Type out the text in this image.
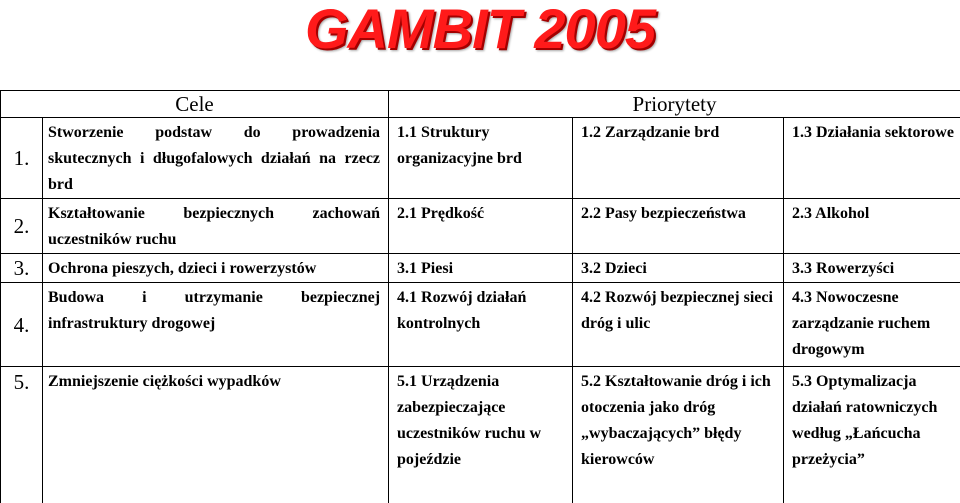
GAMBIT 2005
Cele		Priorytety		
1.	Stworzenie podstaw do prowadzenia skutecznych i długofalowych działań na rzecz brd	1.1 Struktury organizacyjne brd	1.2 Zarządzanie brd	1.3 Działania sektorowe
2.	Kształtowanie bezpiecznych zachowań uczestników ruchu	2.1 Prędkość	2.2 Pasy bezpieczeństwa	2.3 Alkohol
3.	Ochrona pieszych, dzieci i rowerzystów	3.1 Piesi	3.2 Dzieci	3.3 Rowerzyści
4.	Budowa i utrzymanie bezpiecznej infrastruktury drogowej	4.1 Rozwój działań kontrolnych	4.2 Rozwój bezpiecznej sieci dróg i ulic	4.3 Nowoczesne zarządzanie ruchem drogowym
5.	Zmniejszenie ciężkości wypadków	5.1 Urządzenia zabezpieczające uczestników ruchu w pojeździe	5.2 Kształtowanie dróg i ich otoczenia jako dróg „wybaczających” błędy kierowców	5.3 Optymalizacja działań ratowniczych według „Łańcucha przeżycia”
